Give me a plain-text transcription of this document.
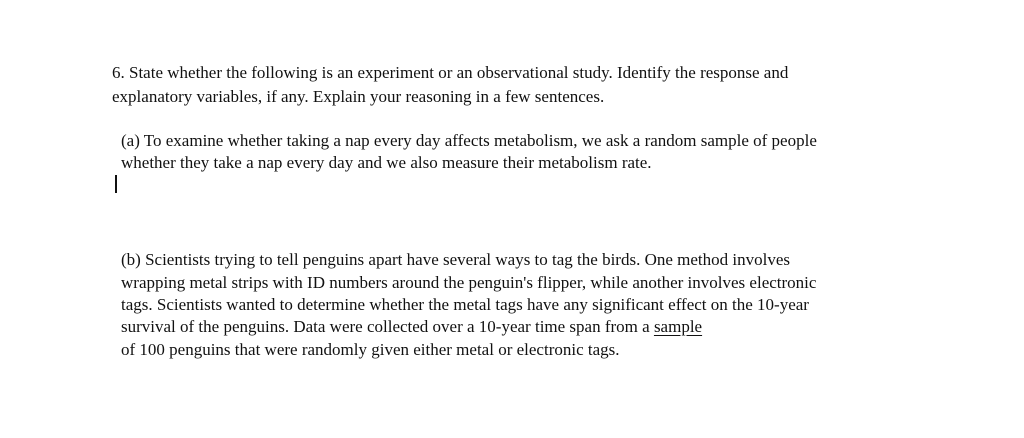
6. State whether the following is an experiment or an observational study. Identify the response and

explanatory variables, if any. Explain your reasoning in a few sentences.

(a) To examine whether taking a nap every day affects metabolism, we ask a random sample of people

whether they take a nap every day and we also measure their metabolism rate.

(b) Scientists trying to tell penguins apart have several ways to tag the birds. One method involves

wrapping metal strips with ID numbers around the penguin's flipper, while another involves electronic

tags. Scientists wanted to determine whether the metal tags have any significant effect on the 10-year

survival of the penguins. Data were collected over a 10-year time span from a sample

of 100 penguins that were randomly given either metal or electronic tags.
